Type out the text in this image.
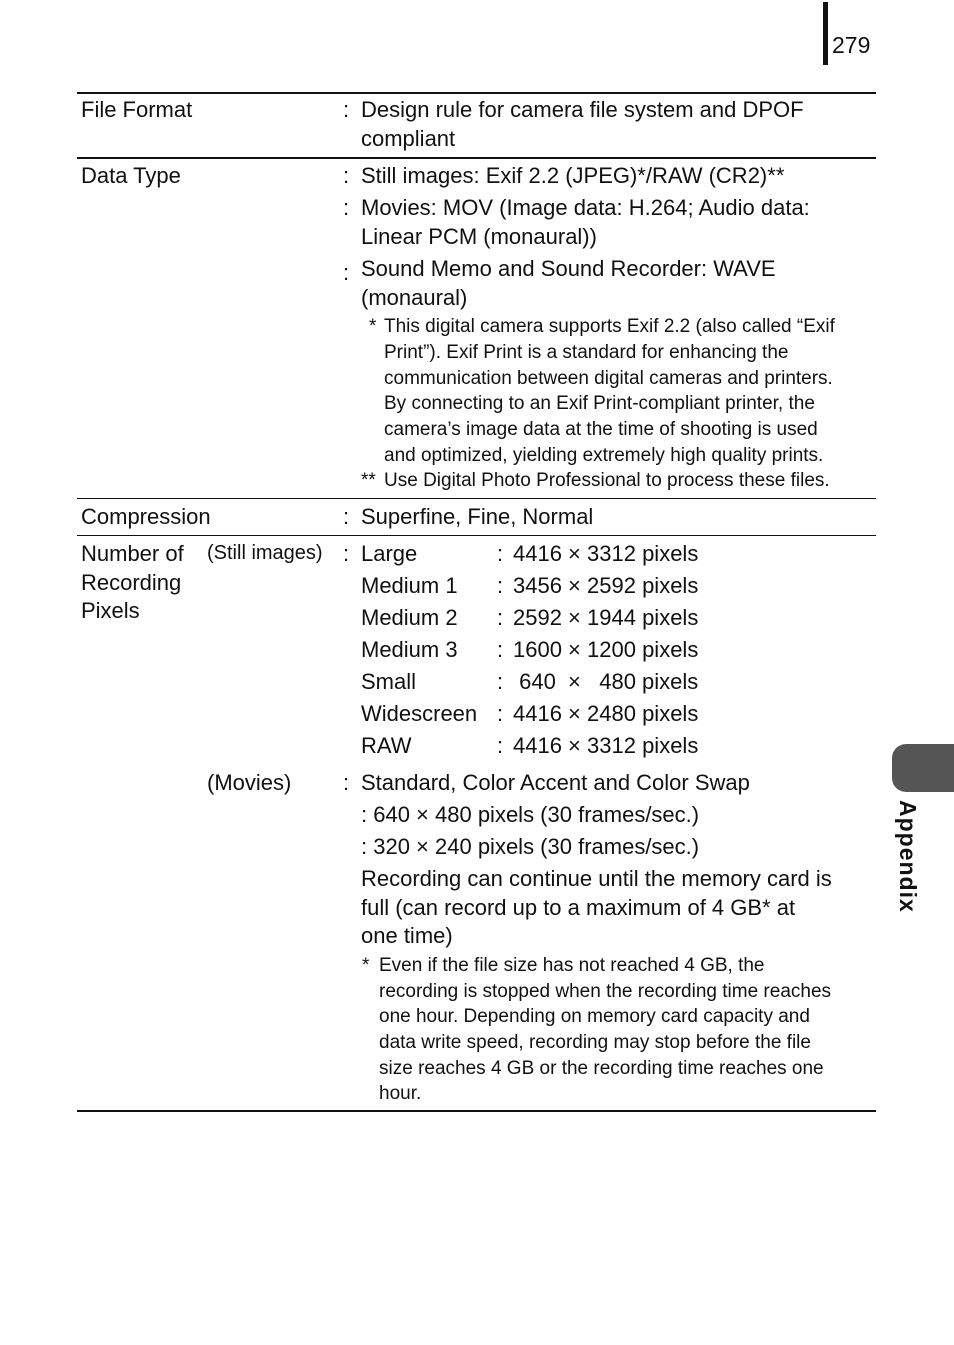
279
Appendix
File Format	: Design rule for camera file system and DPOF
compliant
Data Type	: Still images: Exif 2.2 (JPEG)*/RAW (CR2)**
: Movies: MOV (Image data: H.264; Audio data:
Linear PCM (monaural))
: Sound Memo and Sound Recorder: WAVE
(monaural)
* This digital camera supports Exif 2.2 (also called “Exif
Print”). Exif Print is a standard for enhancing the
communication between digital cameras and printers.
By connecting to an Exif Print-compliant printer, the
camera’s image data at the time of shooting is used
and optimized, yielding extremely high quality prints.
** Use Digital Photo Professional to process these files.
Compression	: Superfine, Fine, Normal
Number of
Recording
Pixels
(Still images) : Large	: 4416 × 3312 pixels
Medium 1 : 3456 × 2592 pixels
Medium 2 : 2592 × 1944 pixels
Medium 3 : 1600 × 1200 pixels
Small	: 640  ×   480 pixels
Widescreen : 4416 × 2480 pixels
RAW	: 4416 × 3312 pixels
(Movies) : Standard, Color Accent and Color Swap
: 640 × 480 pixels (30 frames/sec.)
: 320 × 240 pixels (30 frames/sec.)
Recording can continue until the memory card is
full (can record up to a maximum of 4 GB* at
one time)
* Even if the file size has not reached 4 GB, the
recording is stopped when the recording time reaches
one hour. Depending on memory card capacity and
data write speed, recording may stop before the file
size reaches 4 GB or the recording time reaches one
hour.
